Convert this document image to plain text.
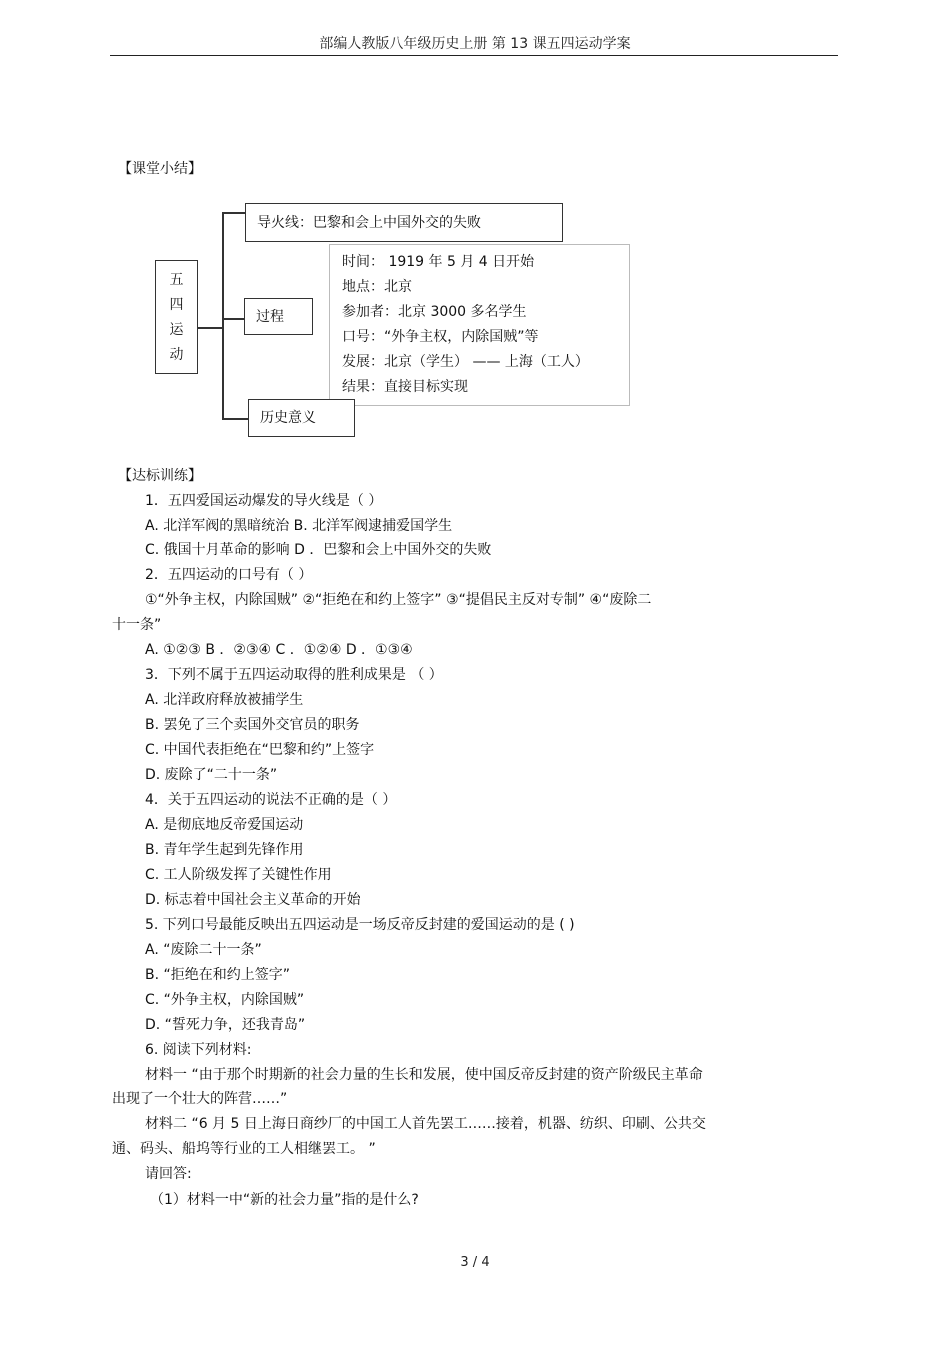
部编人教版八年级历史上册 第 13 课五四运动学案
【课堂小结】
五
四
运
动
导火线：巴黎和会上中国外交的失败
过程
时间： 1919 年 5 月 4 日开始
地点：北京
参加者：北京 3000 多名学生
口号：“外争主权，内除国贼”等
发展：北京（学生） —— 上海（工人）
结果：直接目标实现
历史意义
【达标训练】
1．五四爱国运动爆发的导火线是（ ）
A. 北洋军阀的黑暗统治 B. 北洋军阀逮捕爱国学生
C. 俄国十月革命的影响 D ．巴黎和会上中国外交的失败
2．五四运动的口号有（ ）
①“外争主权，内除国贼” ②“拒绝在和约上签字” ③“提倡民主反对专制” ④“废除二
十一条”
A. ①②③ B ．②③④ C ．①②④ D ．①③④
3．下列不属于五四运动取得的胜利成果是 （ ）
A. 北洋政府释放被捕学生
B. 罢免了三个卖国外交官员的职务
C. 中国代表拒绝在“巴黎和约”上签字
D. 废除了“二十一条”
4．关于五四运动的说法不正确的是（ ）
A. 是彻底地反帝爱国运动
B. 青年学生起到先锋作用
C. 工人阶级发挥了关键性作用
D. 标志着中国社会主义革命的开始
5. 下列口号最能反映出五四运动是一场反帝反封建的爱国运动的是 ( )
A. “废除二十一条”
B. “拒绝在和约上签字”
C. “外争主权，内除国贼”
D. “誓死力争，还我青岛”
6. 阅读下列材料:
材料一 “由于那个时期新的社会力量的生长和发展，使中国反帝反封建的资产阶级民主革命
出现了一个壮大的阵营……”
材料二 “6 月 5 日上海日商纱厂的中国工人首先罢工……接着，机器、纺织、印刷、公共交
通、码头、船坞等行业的工人相继罢工。 ”
请回答:
（1）材料一中“新的社会力量”指的是什么?
3 / 4
